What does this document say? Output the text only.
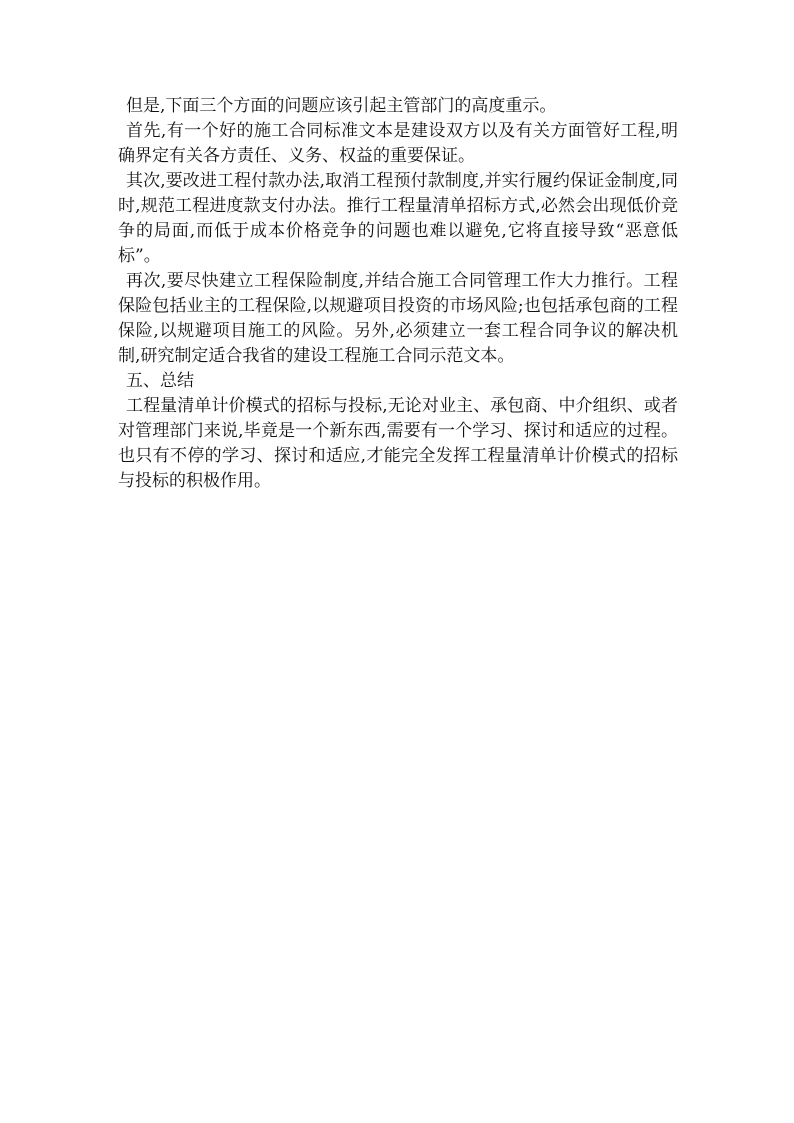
但是,下面三个方面的问题应该引起主管部门的高度重示。

首先,有一个好的施工合同标准文本是建设双方以及有关方面管好工程,明确界定有关各方责任、义务、权益的重要保证。

其次,要改进工程付款办法,取消工程预付款制度,并实行履约保证金制度,同时,规范工程进度款支付办法。推行工程量清单招标方式,必然会出现低价竞争的局面,而低于成本价格竞争的问题也难以避免,它将直接导致“恶意低标”。

再次,要尽快建立工程保险制度,并结合施工合同管理工作大力推行。工程保险包括业主的工程保险,以规避项目投资的市场风险;也包括承包商的工程保险,以规避项目施工的风险。另外,必须建立一套工程合同争议的解决机制,研究制定适合我省的建设工程施工合同示范文本。

五、总结

工程量清单计价模式的招标与投标,无论对业主、承包商、中介组织、或者对管理部门来说,毕竟是一个新东西,需要有一个学习、探讨和适应的过程。也只有不停的学习、探讨和适应,才能完全发挥工程量清单计价模式的招标与投标的积极作用。
